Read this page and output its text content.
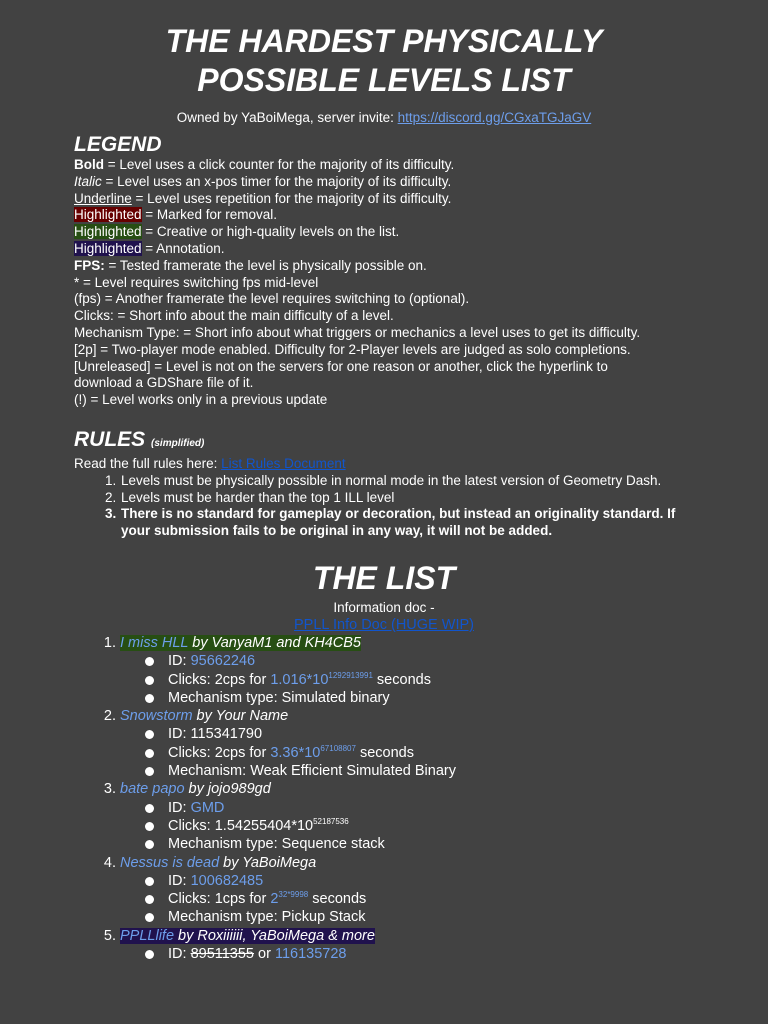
THE HARDEST PHYSICALLY
POSSIBLE LEVELS LIST
Owned by YaBoiMega, server invite: https://discord.gg/CGxaTGJaGV
LEGEND
Bold = Level uses a click counter for the majority of its difficulty.
Italic = Level uses an x-pos timer for the majority of its difficulty.
Underline = Level uses repetition for the majority of its difficulty.
Highlighted = Marked for removal.
Highlighted = Creative or high-quality levels on the list.
Highlighted = Annotation.
FPS: = Tested framerate the level is physically possible on.
* = Level requires switching fps mid-level
(fps) = Another framerate the level requires switching to (optional).
Clicks: = Short info about the main difficulty of a level.
Mechanism Type: = Short info about what triggers or mechanics a level uses to get its difficulty.
[2p] = Two-player mode enabled. Difficulty for 2-Player levels are judged as solo completions.
[Unreleased] = Level is not on the servers for one reason or another, click the hyperlink to
download a GDShare file of it.
(!) = Level works only in a previous update
RULES (simplified)
Read the full rules here: List Rules Document
1. Levels must be physically possible in normal mode in the latest version of Geometry Dash.
2. Levels must be harder than the top 1 ILL level
3. There is no standard for gameplay or decoration, but instead an originality standard. If your submission fails to be original in any way, it will not be added.
THE LIST
Information doc -
PPLL Info Doc (HUGE WIP)
1. I miss HLL by VanyaM1 and KH4CB5
ID: 95662246
Clicks: 2cps for $1.016*10^{1292913991}$ seconds
Mechanism type: Simulated binary
2. Snowstorm by Your Name
ID: 115341790
Clicks: 2cps for $3.36*10^{67108807}$ seconds
Mechanism: Weak Efficient Simulated Binary
3. bate papo by jojo989gd
ID: GMD
Clicks: $1.54255404*10^{52187536}$
Mechanism type: Sequence stack
4. Nessus is dead by YaBoiMega
ID: 100682485
Clicks: 1cps for $2^{32*9998}$ seconds
Mechanism type: Pickup Stack
5. PPLLlife by Roxiiiiii, YaBoiMega & more
ID: 89511355 or 116135728
